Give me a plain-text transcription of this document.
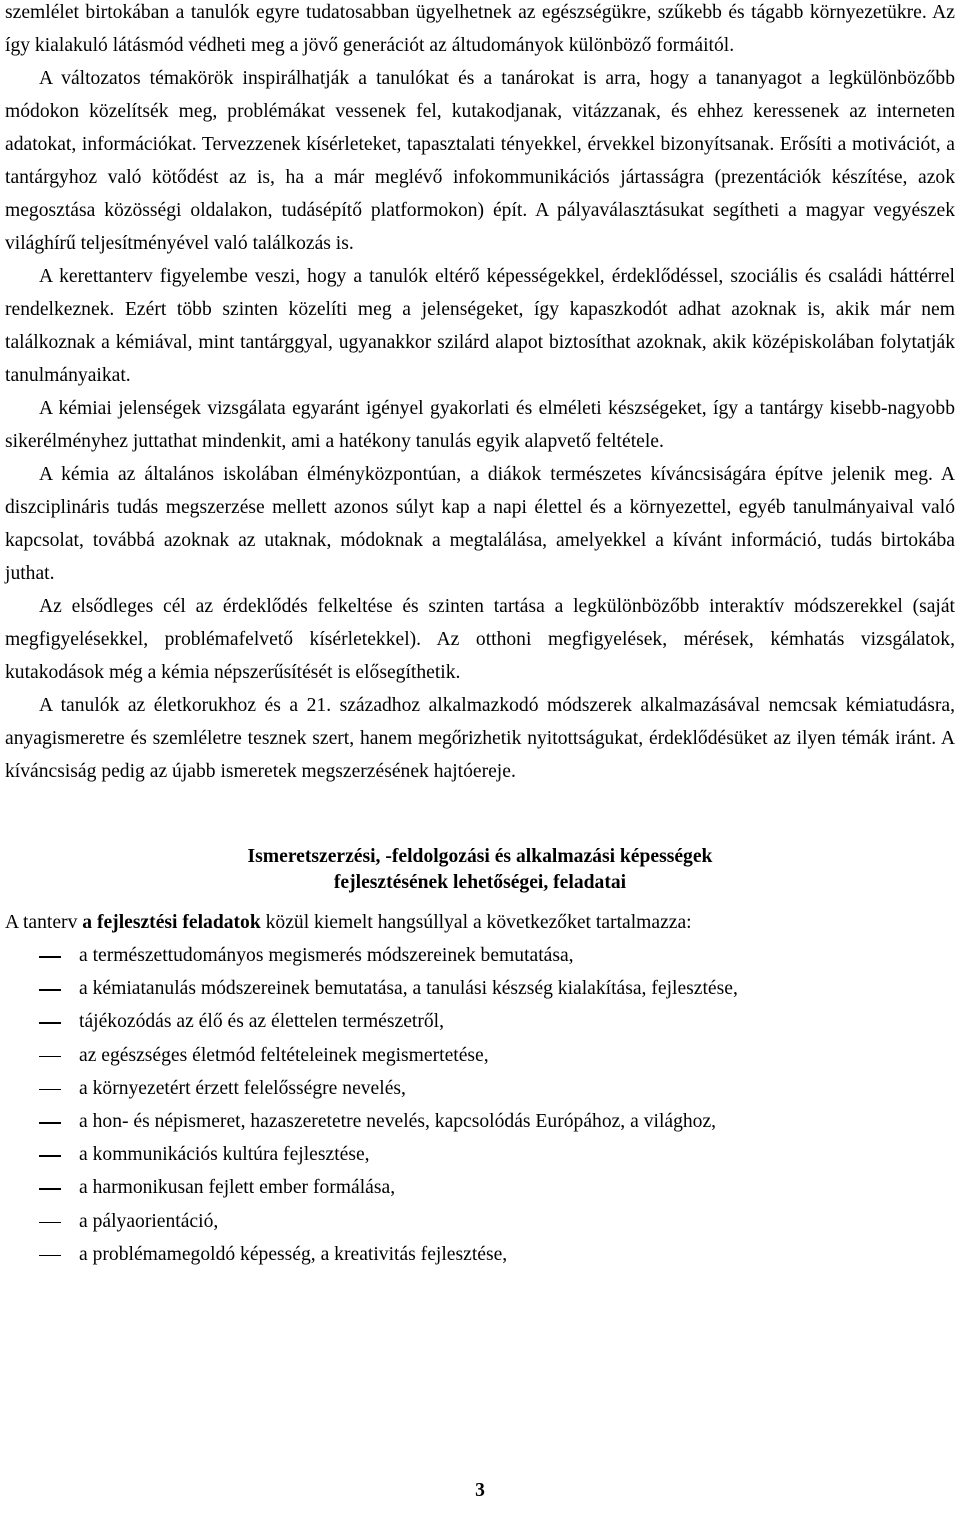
szemlélet birtokában a tanulók egyre tudatosabban ügyelhetnek az egészségükre, szűkebb és tágabb környezetükre. Az így kialakuló látásmód védheti meg a jövő generációt az áltudományok különböző formáitól.

A változatos témakörök inspirálhatják a tanulókat és a tanárokat is arra, hogy a tananyagot a legkülönbözőbb módokon közelítsék meg, problémákat vessenek fel, kutakodjanak, vitázzanak, és ehhez keressenek az interneten adatokat, információkat. Tervezzenek kísérleteket, tapasztalati tényekkel, érvekkel bizonyítsanak. Erősíti a motivációt, a tantárgyhoz való kötődést az is, ha a már meglévő infokommunikációs jártasságra (prezentációk készítése, azok megosztása közösségi oldalakon, tudásépítő platformokon) épít. A pályaválasztásukat segítheti a magyar vegyészek világhírű teljesítményével való találkozás is.

A kerettanterv figyelembe veszi, hogy a tanulók eltérő képességekkel, érdeklődéssel, szociális és családi háttérrel rendelkeznek. Ezért több szinten közelíti meg a jelenségeket, így kapaszkodót adhat azoknak is, akik már nem találkoznak a kémiával, mint tantárggyal, ugyanakkor szilárd alapot biztosíthat azoknak, akik középiskolában folytatják tanulmányaikat.

A kémiai jelenségek vizsgálata egyaránt igényel gyakorlati és elméleti készségeket, így a tantárgy kisebb-nagyobb sikerélményhez juttathat mindenkit, ami a hatékony tanulás egyik alapvető feltétele.

A kémia az általános iskolában élményközpontúan, a diákok természetes kíváncsiságára építve jelenik meg. A diszciplináris tudás megszerzése mellett azonos súlyt kap a napi élettel és a környezettel, egyéb tanulmányaival való kapcsolat, továbbá azoknak az utaknak, módoknak a megtalálása, amelyekkel a kívánt információ, tudás birtokába juthat.

Az elsődleges cél az érdeklődés felkeltése és szinten tartása a legkülönbözőbb interaktív módszerekkel (saját megfigyelésekkel, problémafelvető kísérletekkel). Az otthoni megfigyelések, mérések, kémhatás vizsgálatok, kutakodások még a kémia népszerűsítését is elősegíthetik.

A tanulók az életkorukhoz és a 21. századhoz alkalmazkodó módszerek alkalmazásával nemcsak kémiatudásra, anyagismeretre és szemléletre tesznek szert, hanem megőrizhetik nyitottságukat, érdeklődésüket az ilyen témák iránt. A kíváncsiság pedig az újabb ismeretek megszerzésének hajtóereje.

Ismeretszerzési, -feldolgozási és alkalmazási képességek
fejlesztésének lehetőségei, feladatai

A tanterv a fejlesztési feladatok közül kiemelt hangsúllyal a következőket tartalmazza:

a természettudományos megismerés módszereinek bemutatása,
a kémiatanulás módszereinek bemutatása, a tanulási készség kialakítása, fejlesztése,
tájékozódás az élő és az élettelen természetről,
az egészséges életmód feltételeinek megismertetése,
a környezetért érzett felelősségre nevelés,
a hon- és népismeret, hazaszeretetre nevelés, kapcsolódás Európához, a világhoz,
a kommunikációs kultúra fejlesztése,
a harmonikusan fejlett ember formálása,
a pályaorientáció,
a problémamegoldó képesség, a kreativitás fejlesztése,
3
